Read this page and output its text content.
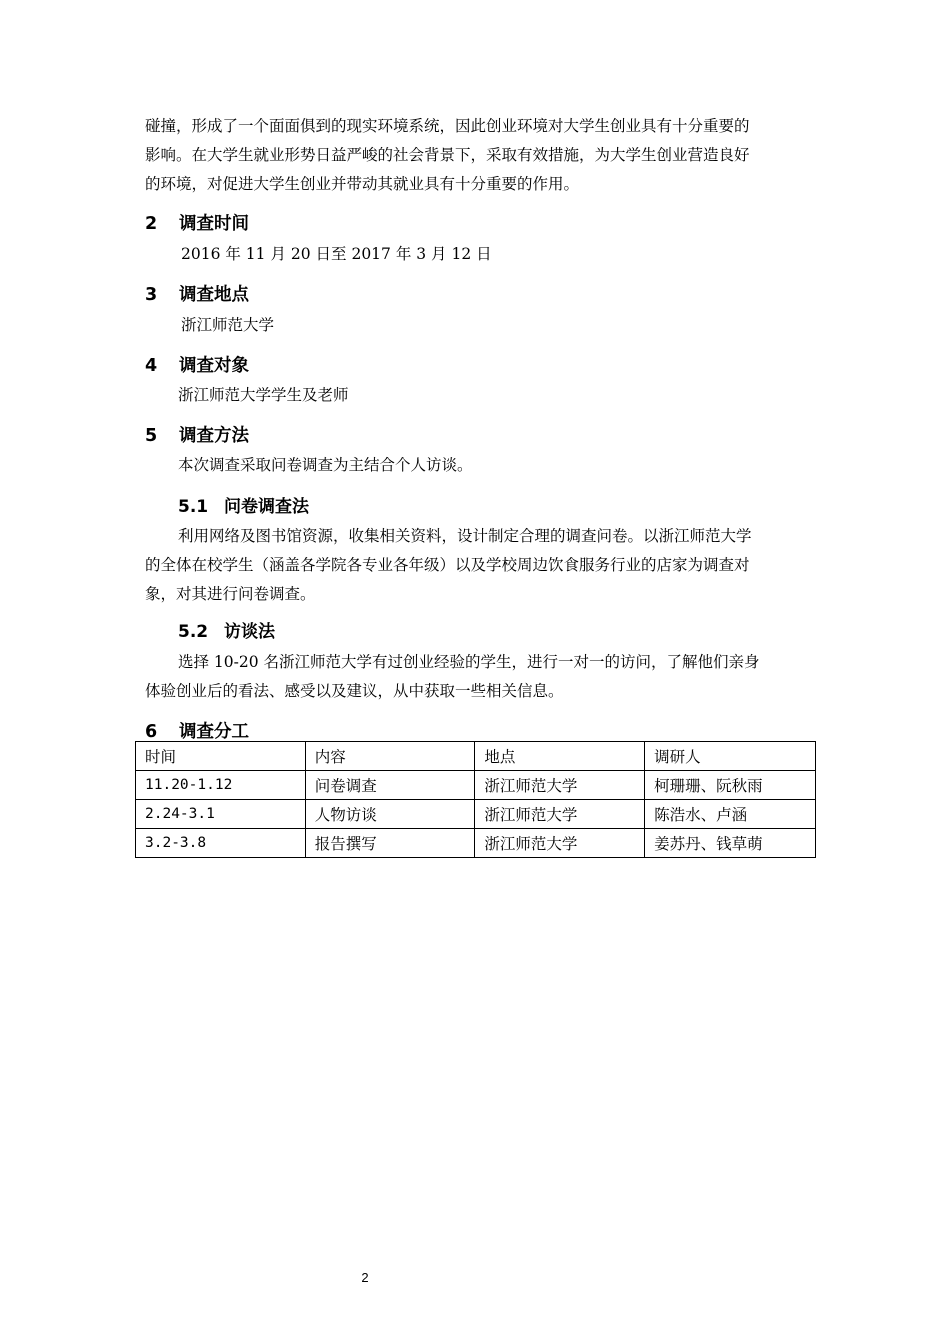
碰撞，形成了一个面面俱到的现实环境系统，因此创业环境对大学生创业具有十分重要的
影响。在大学生就业形势日益严峻的社会背景下，采取有效措施，为大学生创业营造良好
的环境，对促进大学生创业并带动其就业具有十分重要的作用。
2 调查时间

2016 年 11 月 20 日至 2017 年 3 月 12 日

3 调查地点

浙江师范大学

4 调查对象

浙江师范大学学生及老师

5 调查方法

本次调查采取问卷调查为主结合个人访谈。

5.1 问卷调查法
利用网络及图书馆资源，收集相关资料，设计制定合理的调查问卷。以浙江师范大学
的全体在校学生（涵盖各学院各专业各年级）以及学校周边饮食服务行业的店家为调查对
象，对其进行问卷调查。
5.2 访谈法
选择 10-20 名浙江师范大学有过创业经验的学生，进行一对一的访问，了解他们亲身
体验创业后的看法、感受以及建议，从中获取一些相关信息。
6 调查分工
时间	内容	地点	调研人
11.20-1.12	问卷调查	浙江师范大学	柯珊珊、阮秋雨
2.24-3.1	人物访谈	浙江师范大学	陈浩水、卢涵
3.2-3.8	报告撰写	浙江师范大学	姜苏丹、钱草萌
2
